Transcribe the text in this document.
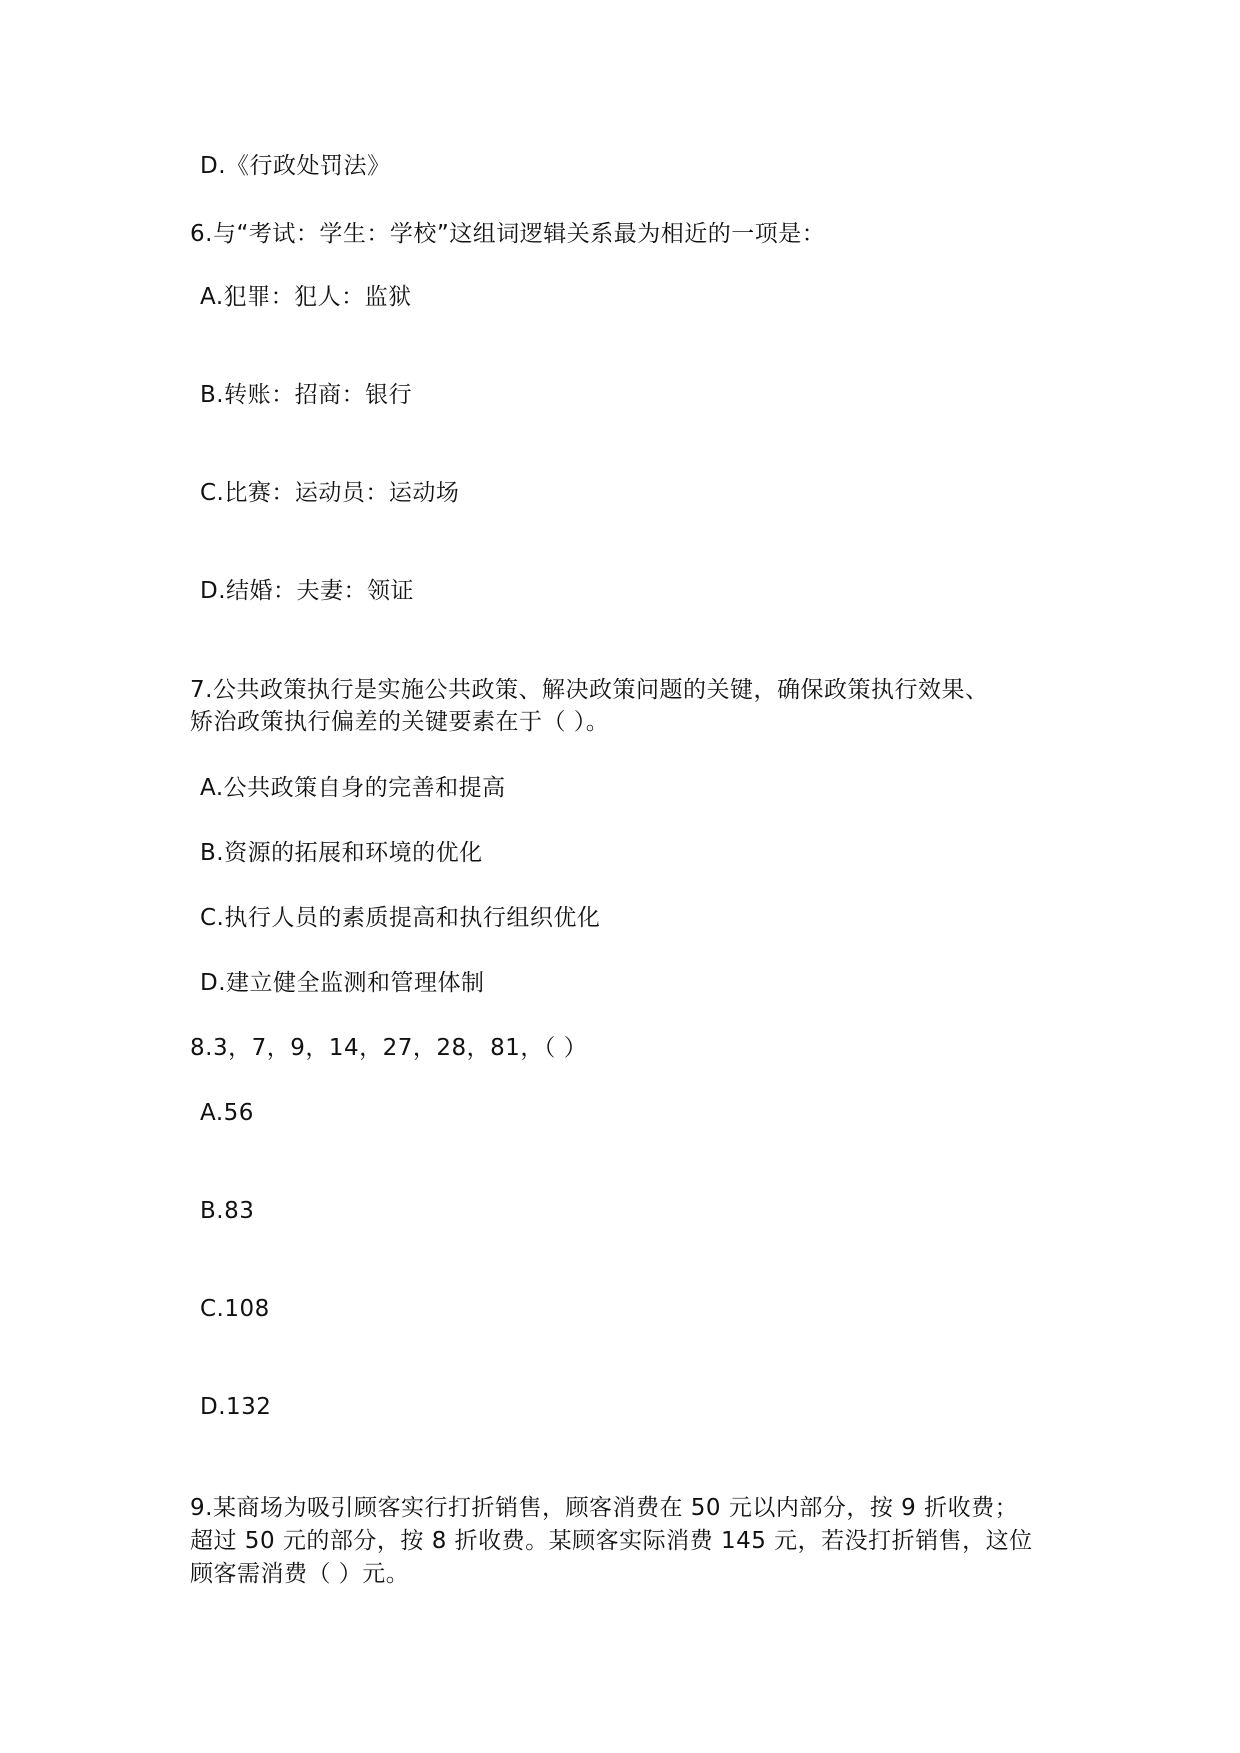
D.《行政处罚法》
6.与“考试：学生：学校”这组词逻辑关系最为相近的一项是：
A.犯罪：犯人：监狱
B.转账：招商：银行
C.比赛：运动员：运动场
D.结婚：夫妻：领证
7.公共政策执行是实施公共政策、解决政策问题的关键，确保政策执行效果、
矫治政策执行偏差的关键要素在于（ ）。
A.公共政策自身的完善和提高
B.资源的拓展和环境的优化
C.执行人员的素质提高和执行组织优化
D.建立健全监测和管理体制
8.3，7，9，14，27，28，81，（ ）
A.56
B.83
C.108
D.132
9.某商场为吸引顾客实行打折销售，顾客消费在 50 元以内部分，按 9 折收费；
超过 50 元的部分，按 8 折收费。某顾客实际消费 145 元，若没打折销售，这位
顾客需消费（ ）元。
